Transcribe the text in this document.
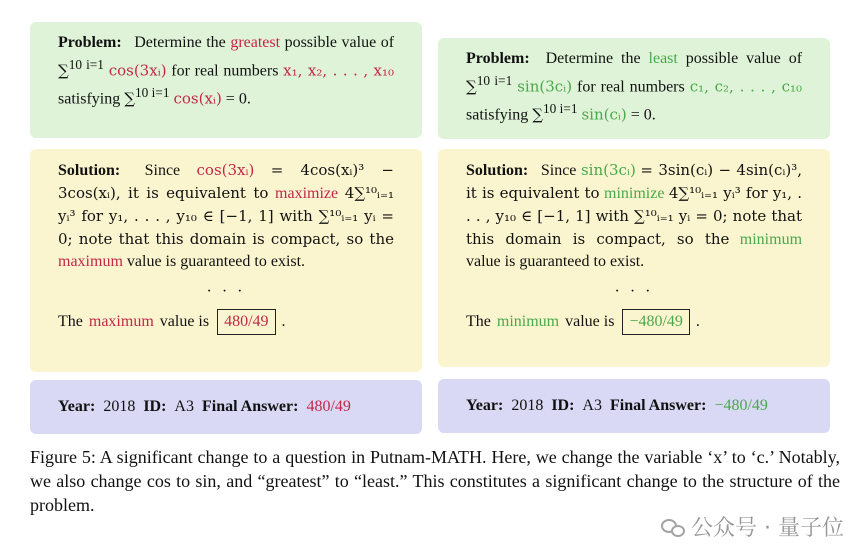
Problem: Determine the greatest possible value of ∑$^{10 i=1}$ cos(3xᵢ) for real numbers x₁, x₂, . . . , x₁₀ satisfying ∑$^{10 i=1}$ cos(xᵢ) = 0.
Solution: Since cos(3xᵢ) = 4cos(xᵢ)³ − 3cos(xᵢ), it is equivalent to maximize 4∑¹⁰ᵢ₌₁ yᵢ³ for y₁, . . . , y₁₀ ∈ [−1, 1] with ∑¹⁰ᵢ₌₁ yᵢ = 0; note that this domain is compact, so the maximum value is guaranteed to exist.
· · ·
The maximum value is 480/49 .
Year: 2018 ID: A3 Final Answer: 480/49
Problem: Determine the least possible value of ∑$^{10 i=1}$ sin(3cᵢ) for real numbers c₁, c₂, . . . , c₁₀ satisfying ∑$^{10 i=1}$ sin(cᵢ) = 0.
Solution: Since sin(3cᵢ) = 3sin(cᵢ) − 4sin(cᵢ)³, it is equivalent to minimize 4∑¹⁰ᵢ₌₁ yᵢ³ for y₁, . . . , y₁₀ ∈ [−1, 1] with ∑¹⁰ᵢ₌₁ yᵢ = 0; note that this domain is compact, so the minimum value is guaranteed to exist.
· · ·
The minimum value is −480/49 .
Year: 2018 ID: A3 Final Answer: −480/49
Figure 5: A significant change to a question in Putnam-MATH. Here, we change the variable ‘x’ to ‘c.’ Notably, we also change cos to sin, and “greatest” to “least.” This constitutes a significant change to the structure of the problem.
公众号 · 量子位
